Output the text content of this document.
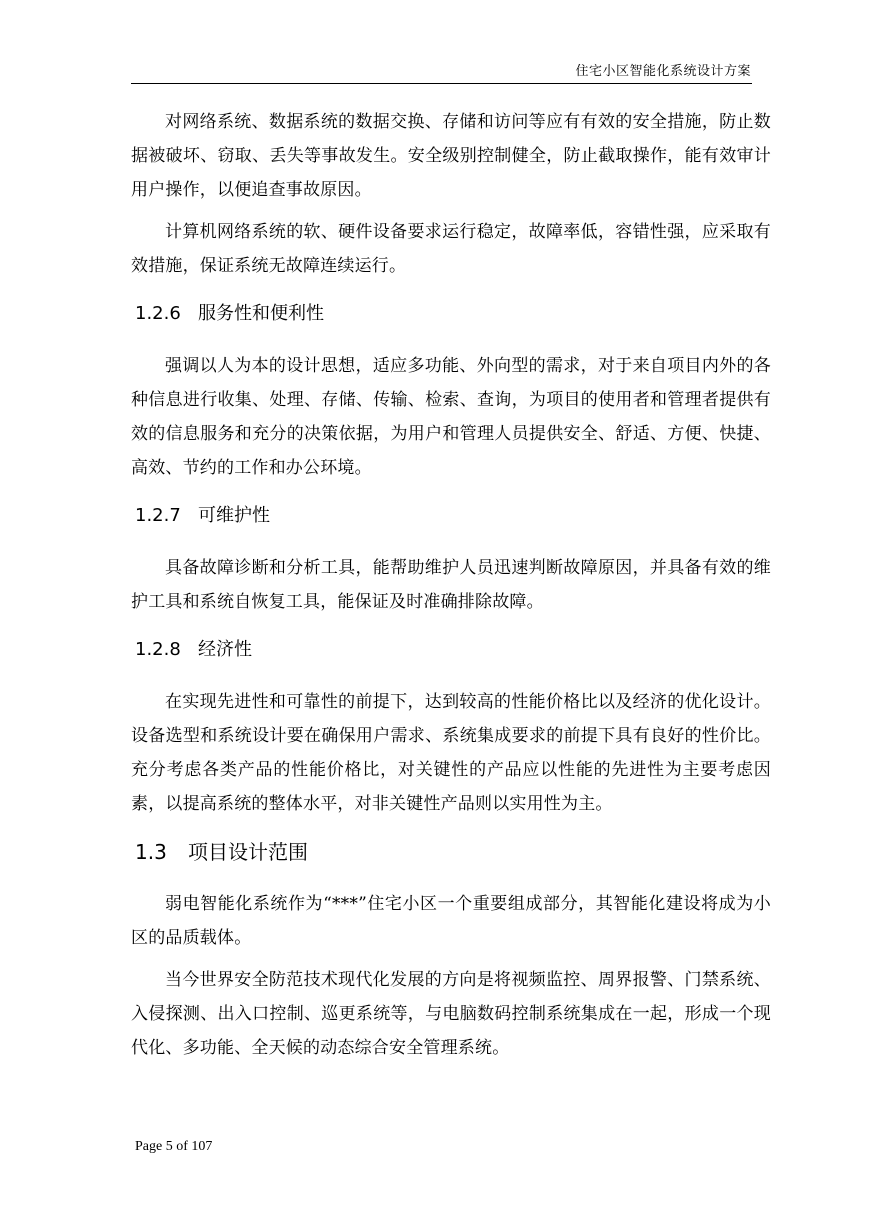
住宅小区智能化系统设计方案

对网络系统、数据系统的数据交换、存储和访问等应有有效的安全措施，防止数据被破坏、窃取、丢失等事故发生。安全级别控制健全，防止截取操作，能有效审计用户操作，以便追查事故原因。

计算机网络系统的软、硬件设备要求运行稳定，故障率低，容错性强，应采取有效措施，保证系统无故障连续运行。

1.2.6 服务性和便利性

强调以人为本的设计思想，适应多功能、外向型的需求，对于来自项目内外的各种信息进行收集、处理、存储、传输、检索、查询，为项目的使用者和管理者提供有效的信息服务和充分的决策依据，为用户和管理人员提供安全、舒适、方便、快捷、高效、节约的工作和办公环境。

1.2.7 可维护性

具备故障诊断和分析工具，能帮助维护人员迅速判断故障原因，并具备有效的维护工具和系统自恢复工具，能保证及时准确排除故障。

1.2.8 经济性

在实现先进性和可靠性的前提下，达到较高的性能价格比以及经济的优化设计。设备选型和系统设计要在确保用户需求、系统集成要求的前提下具有良好的性价比。充分考虑各类产品的性能价格比，对关键性的产品应以性能的先进性为主要考虑因素，以提高系统的整体水平，对非关键性产品则以实用性为主。

1.3 项目设计范围

弱电智能化系统作为“***”住宅小区一个重要组成部分，其智能化建设将成为小区的品质载体。

当今世界安全防范技术现代化发展的方向是将视频监控、周界报警、门禁系统、入侵探测、出入口控制、巡更系统等，与电脑数码控制系统集成在一起，形成一个现代化、多功能、全天候的动态综合安全管理系统。

Page 5 of 107
